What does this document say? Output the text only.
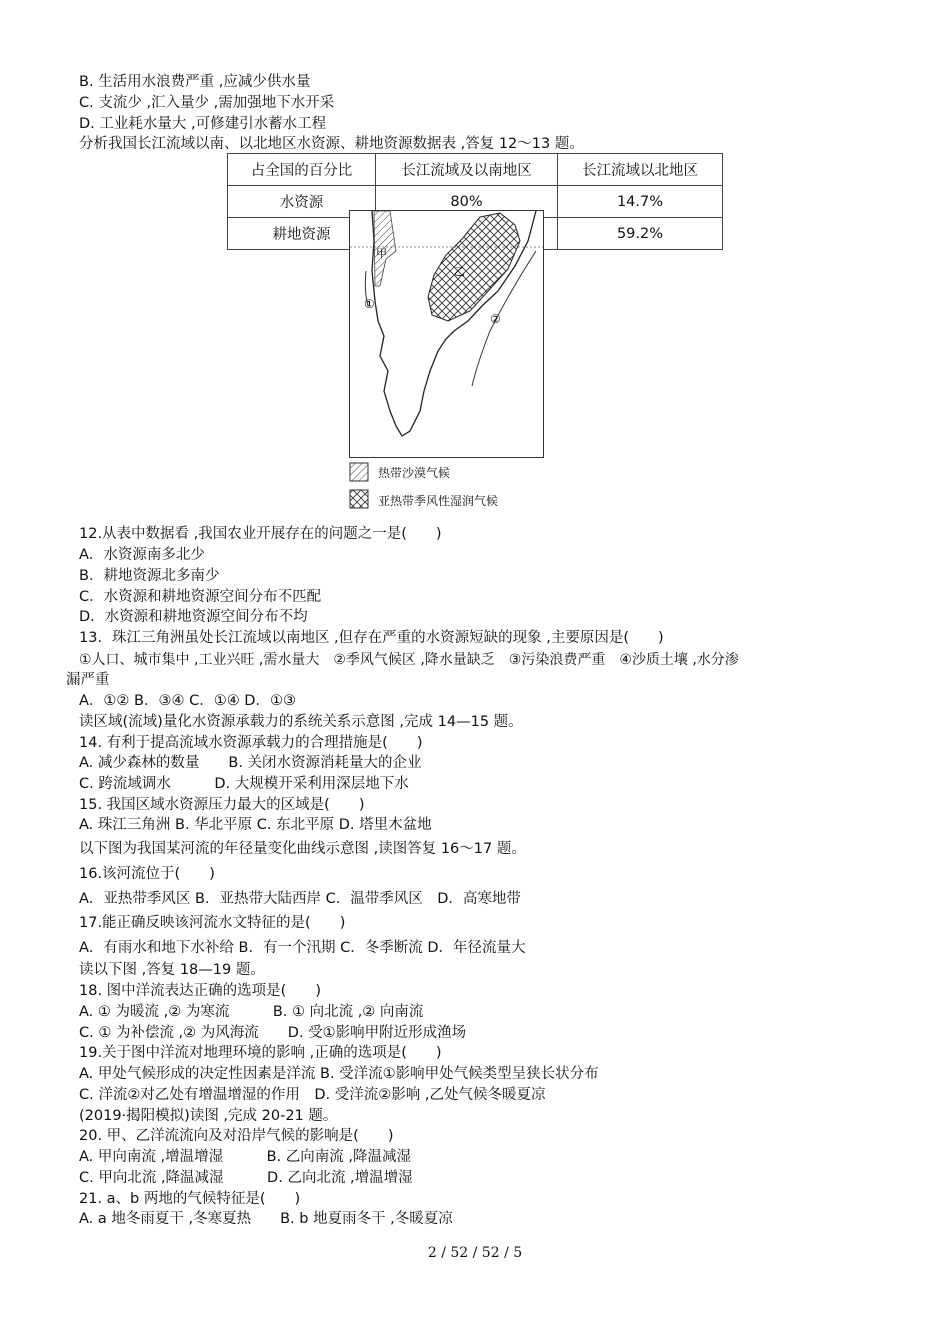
B. 生活用水浪费严重 ,应减少供水量
C. 支流少 ,汇入量少 ,需加强地下水开采
D. 工业耗水量大 ,可修建引水蓄水工程
分析我国长江流域以南、以北地区水资源、耕地资源数据表 ,答复 12～13 题。
占全国的百分比	长江流域及以南地区	长江流域以北地区
水资源	80%	14.7%
耕地资源		59.2%
甲
乙
①
②
热带沙漠气候
亚热带季风性湿润气候
12.从表中数据看 ,我国农业开展存在的问题之一是(　　)
A．水资源南多北少
B．耕地资源北多南少
C．水资源和耕地资源空间分布不匹配
D．水资源和耕地资源空间分布不均
13．珠江三角洲虽处长江流域以南地区 ,但存在严重的水资源短缺的现象 ,主要原因是(　　)
①人口、城市集中 ,工业兴旺 ,需水量大　②季风气候区 ,降水量缺乏　③污染浪费严重　④沙质土壤 ,水分渗
漏严重
A．①② B．③④ C．①④ D．①③
读区域(流域)量化水资源承载力的系统关系示意图 ,完成 14—15 题。
14. 有利于提高流域水资源承载力的合理措施是(　　)
A. 减少森林的数量　　B. 关闭水资源消耗量大的企业
C. 跨流域调水　　　D. 大规模开采利用深层地下水
15. 我国区域水资源压力最大的区域是(　　)
A. 珠江三角洲 B. 华北平原 C. 东北平原 D. 塔里木盆地
以下图为我国某河流的年径量变化曲线示意图 ,读图答复 16～17 题。
16.该河流位于(　　)
A．亚热带季风区 B．亚热带大陆西岸 C．温带季风区　D．高寒地带
17.能正确反映该河流水文特征的是(　　)
A．有雨水和地下水补给 B．有一个汛期 C．冬季断流 D．年径流量大
读以下图 ,答复 18—19 题。
18. 图中洋流表达正确的选项是(　　)
A. ① 为暖流 ,② 为寒流　　　B. ① 向北流 ,② 向南流
C. ① 为补偿流 ,② 为风海流　　D. 受①影响甲附近形成渔场
19.关于图中洋流对地理环境的影响 ,正确的选项是(　　)
A. 甲处气候形成的决定性因素是洋流 B. 受洋流①影响甲处气候类型呈狭长状分布
C. 洋流②对乙处有增温增湿的作用　D. 受洋流②影响 ,乙处气候冬暖夏凉
(2019·揭阳模拟)读图 ,完成 20-21 题。
20. 甲、乙洋流流向及对沿岸气候的影响是(　　)
A. 甲向南流 ,增温增湿　　　B. 乙向南流 ,降温减湿
C. 甲向北流 ,降温减湿　　　D. 乙向北流 ,增温增湿
21. a、b 两地的气候特征是(　　)
A. a 地冬雨夏干 ,冬寒夏热　　B. b 地夏雨冬干 ,冬暖夏凉
2 / 52 / 52 / 5
